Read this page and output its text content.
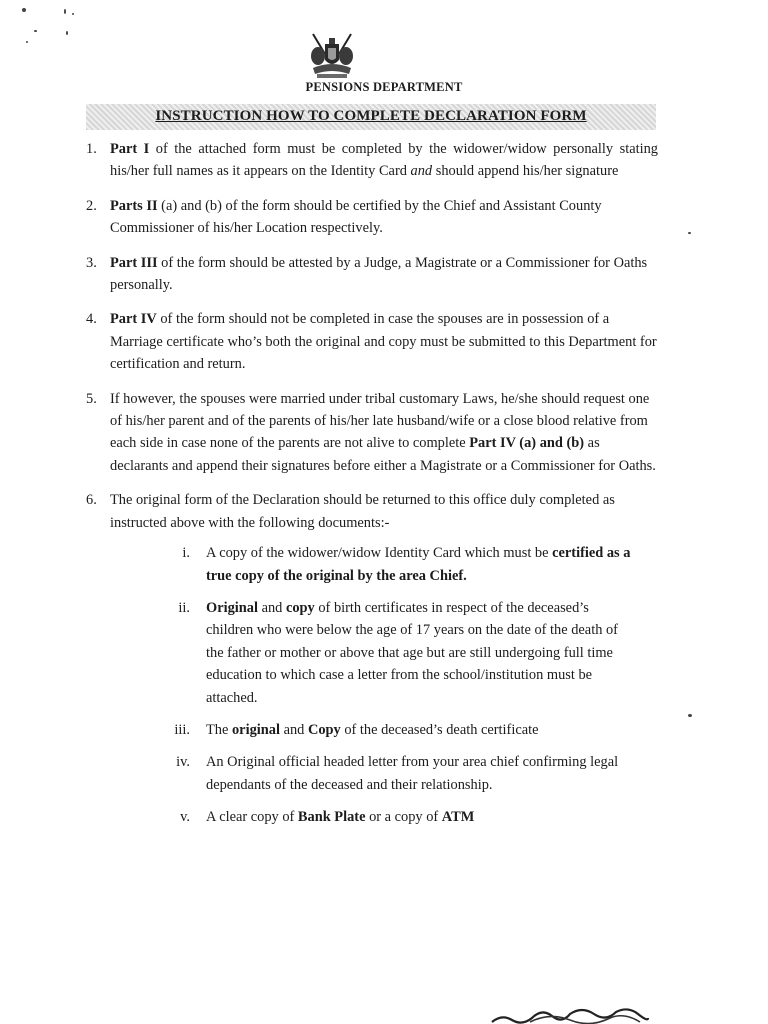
PENSIONS DEPARTMENT
INSTRUCTION HOW TO COMPLETE DECLARATION FORM
1. Part I of the attached form must be completed by the widower/widow personally stating his/her full names as it appears on the Identity Card and should append his/her signature
2. Parts II (a) and (b) of the form should be certified by the Chief and Assistant County Commissioner of his/her Location respectively.
3. Part III of the form should be attested by a Judge, a Magistrate or a Commissioner for Oaths personally.
4. Part IV of the form should not be completed in case the spouses are in possession of a Marriage certificate who’s both the original and copy must be submitted to this Department for certification and return.
5. If however, the spouses were married under tribal customary Laws, he/she should request one of his/her parent and of the parents of his/her late husband/wife or a close blood relative from each side in case none of the parents are not alive to complete Part IV (a) and (b) as declarants and append their signatures before either a Magistrate or a Commissioner for Oaths.
6. The original form of the Declaration should be returned to this office duly completed as instructed above with the following documents:-
i. A copy of the widower/widow Identity Card which must be certified as a true copy of the original by the area Chief.
ii. Original and copy of birth certificates in respect of the deceased’s children who were below the age of 17 years on the date of the death of the father or mother or above that age but are still undergoing full time education to which case a letter from the school/institution must be attached.
iii. The original and Copy of the deceased’s death certificate
iv. An Original official headed letter from your area chief confirming legal dependants of the deceased and their relationship.
v. A clear copy of Bank Plate or a copy of ATM
